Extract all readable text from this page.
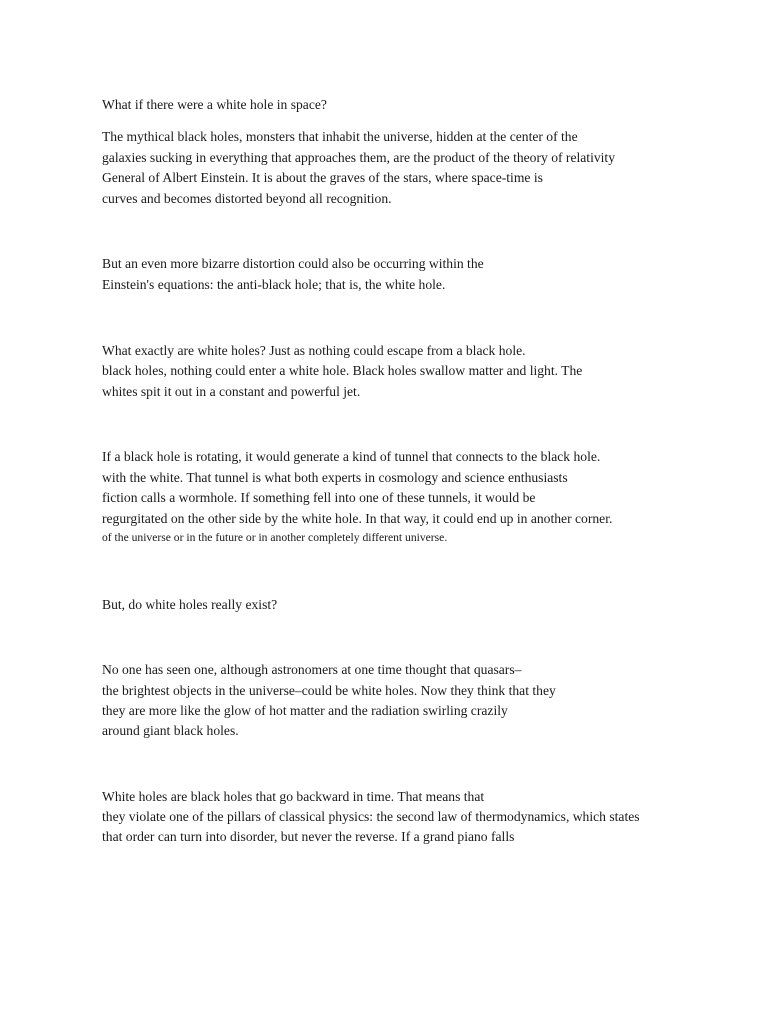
What if there were a white hole in space?
The mythical black holes, monsters that inhabit the universe, hidden at the center of the
galaxies sucking in everything that approaches them, are the product of the theory of relativity
General of Albert Einstein. It is about the graves of the stars, where space-time is
curves and becomes distorted beyond all recognition.
But an even more bizarre distortion could also be occurring within the
Einstein's equations: the anti-black hole; that is, the white hole.
What exactly are white holes? Just as nothing could escape from a black hole.
black holes, nothing could enter a white hole. Black holes swallow matter and light. The
whites spit it out in a constant and powerful jet.
If a black hole is rotating, it would generate a kind of tunnel that connects to the black hole.
with the white. That tunnel is what both experts in cosmology and science enthusiasts
fiction calls a wormhole. If something fell into one of these tunnels, it would be
regurgitated on the other side by the white hole. In that way, it could end up in another corner.
of the universe or in the future or in another completely different universe.
But, do white holes really exist?
No one has seen one, although astronomers at one time thought that quasars–
the brightest objects in the universe–could be white holes. Now they think that they
they are more like the glow of hot matter and the radiation swirling crazily
around giant black holes.
White holes are black holes that go backward in time. That means that
they violate one of the pillars of classical physics: the second law of thermodynamics, which states
that order can turn into disorder, but never the reverse. If a grand piano falls
